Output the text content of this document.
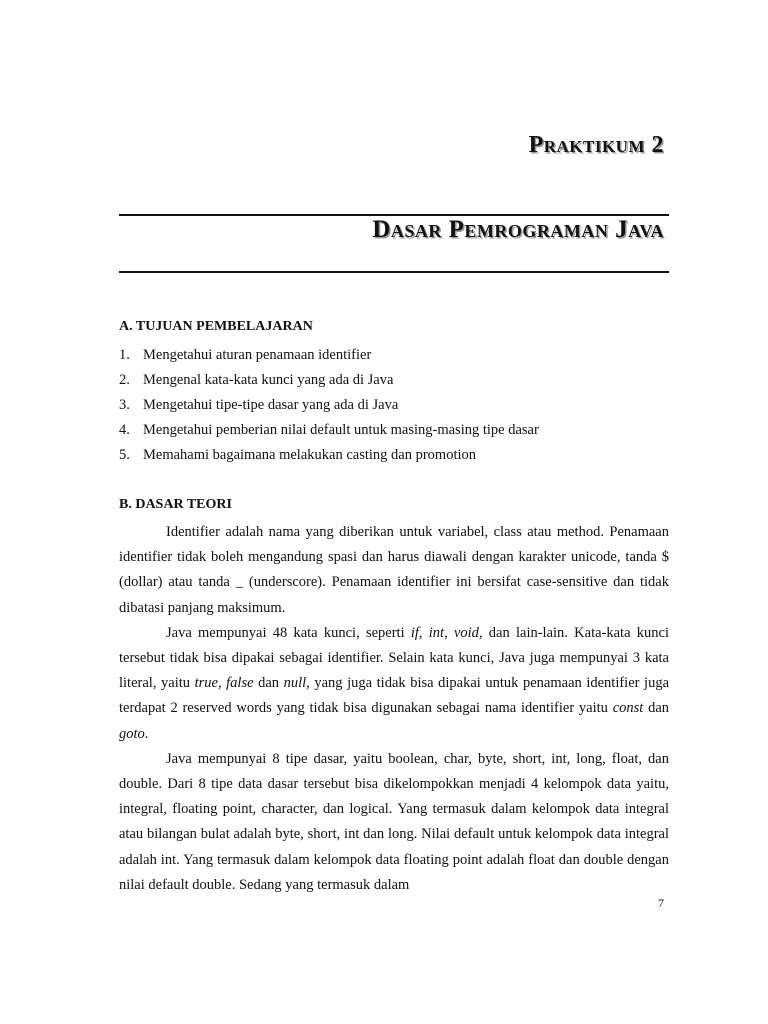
Praktikum 2
Dasar Pemrograman Java
A. TUJUAN PEMBELAJARAN
1. Mengetahui aturan penamaan identifier
2. Mengenal kata-kata kunci yang ada di Java
3. Mengetahui tipe-tipe dasar yang ada di Java
4. Mengetahui pemberian nilai default untuk masing-masing tipe dasar
5. Memahami bagaimana melakukan casting dan promotion
B. DASAR TEORI

Identifier adalah nama yang diberikan untuk variabel, class atau method. Penamaan identifier tidak boleh mengandung spasi dan harus diawali dengan karakter unicode, tanda $ (dollar) atau tanda _ (underscore). Penamaan identifier ini bersifat case-sensitive dan tidak dibatasi panjang maksimum.

Java mempunyai 48 kata kunci, seperti if, int, void, dan lain-lain. Kata-kata kunci tersebut tidak bisa dipakai sebagai identifier. Selain kata kunci, Java juga mempunyai 3 kata literal, yaitu true, false dan null, yang juga tidak bisa dipakai untuk penamaan identifier juga terdapat 2 reserved words yang tidak bisa digunakan sebagai nama identifier yaitu const dan goto.

Java mempunyai 8 tipe dasar, yaitu boolean, char, byte, short, int, long, float, dan double. Dari 8 tipe data dasar tersebut bisa dikelompokkan menjadi 4 kelompok data yaitu, integral, floating point, character, dan logical. Yang termasuk dalam kelompok data integral atau bilangan bulat adalah byte, short, int dan long. Nilai default untuk kelompok data integral adalah int. Yang termasuk dalam kelompok data floating point adalah float dan double dengan nilai default double. Sedang yang termasuk dalam

7
